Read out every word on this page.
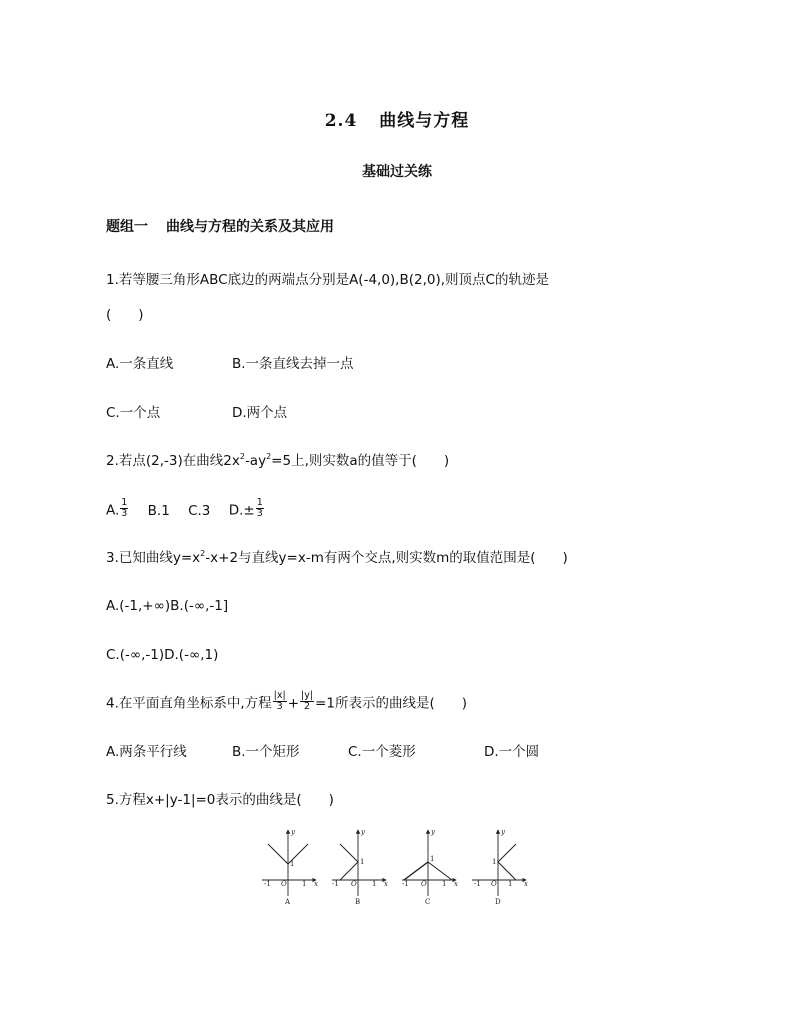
2.4 曲线与方程
基础过关练
题组一 曲线与方程的关系及其应用
1.若等腰三角形ABC底边的两端点分别是A(-4,0),B(2,0),则顶点C的轨迹是
(　　)
A.一条直线	B.一条直线去掉一点
C.一个点	D.两个点
2.若点(2,-3)在曲线$2x^2-ay^2=5$上,则实数a的值等于(　　)
A. $\frac{1}{3} B.1$ C.3 $D.\pm \frac{1}{3}$
3.已知曲线$y=x^2-x+2$与直线y=x-m有两个交点,则实数m的取值范围是(　　)
A.(-1,+∞)B.(-∞,-1]
C.(-∞,-1)D.(-∞,1)
4.在平面直角坐标系中,方程 $\frac{|x|}{3} + \frac{|y|}{2} =1$所表示的曲线是(　　)
A.两条平行线	B.一个矩形	C.一个菱形	D.一个圆
5.方程x+|y-1|=0表示的曲线是(　　)
-1 O 1
1
x
y
A
-1 O 1
1
x
y
B
-1 O 1
1
x
y
C
-1 O 1
1
x
y
D
